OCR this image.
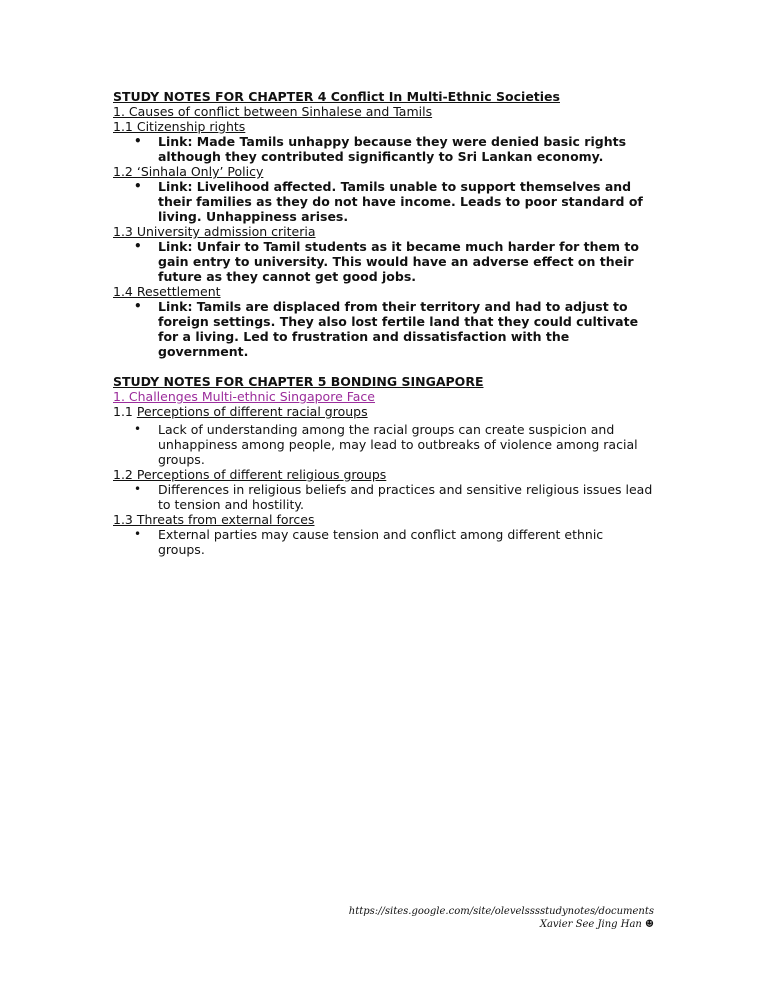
STUDY NOTES FOR CHAPTER 4 Conflict In Multi-Ethnic Societies
1. Causes of conflict between Sinhalese and Tamils
1.1 Citizenship rights
• Link: Made Tamils unhappy because they were denied basic rights although they contributed significantly to Sri Lankan economy.
1.2 ‘Sinhala Only’ Policy
• Link: Livelihood affected. Tamils unable to support themselves and their families as they do not have income. Leads to poor standard of living. Unhappiness arises.
1.3 University admission criteria
• Link: Unfair to Tamil students as it became much harder for them to gain entry to university. This would have an adverse effect on their future as they cannot get good jobs.
1.4 Resettlement
• Link: Tamils are displaced from their territory and had to adjust to foreign settings. They also lost fertile land that they could cultivate for a living. Led to frustration and dissatisfaction with the government.
STUDY NOTES FOR CHAPTER 5 BONDING SINGAPORE
1. Challenges Multi-ethnic Singapore Face
1.1 Perceptions of different racial groups
• Lack of understanding among the racial groups can create suspicion and unhappiness among people, may lead to outbreaks of violence among racial groups.
1.2 Perceptions of different religious groups
• Differences in religious beliefs and practices and sensitive religious issues lead to tension and hostility.
1.3 Threats from external forces
• External parties may cause tension and conflict among different ethnic groups.
https://sites.google.com/site/olevelsssstudynotes/documents
Xavier See Jing Han ☻
